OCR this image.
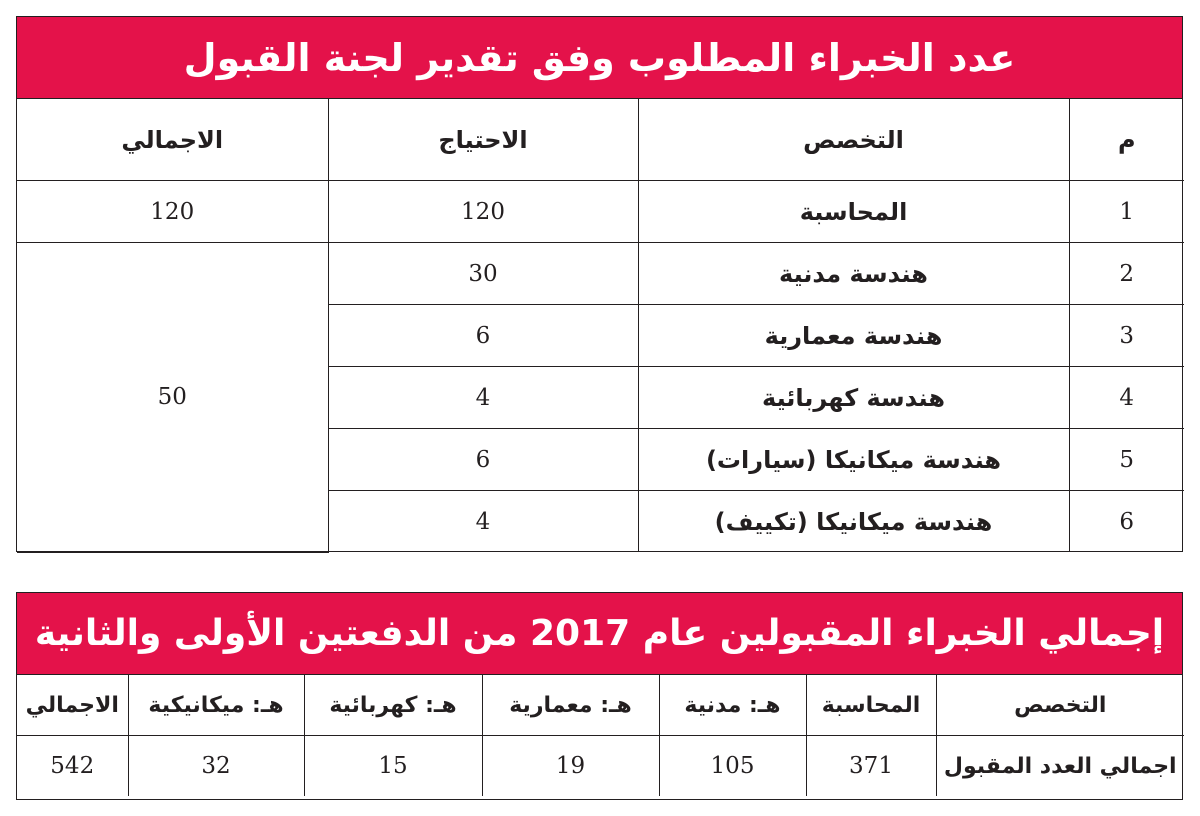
عدد الخبراء المطلوب وفق تقدير لجنة القبول
م	التخصص	الاحتياج	الاجمالي
1	المحاسبة	120	120
2	هندسة مدنية	30	50
3	هندسة معمارية	6	
4	هندسة كهربائية	4	
5	هندسة ميكانيكا (سيارات)	6	
6	هندسة ميكانيكا (تكييف)	4	
إجمالي الخبراء المقبولين عام 2017 من الدفعتين الأولى والثانية
التخصص	المحاسبة	هـ: مدنية	هـ: معمارية	هـ: كهربائية	هـ: ميكانيكية	الاجمالي
اجمالي العدد المقبول	371	105	19	15	32	542
